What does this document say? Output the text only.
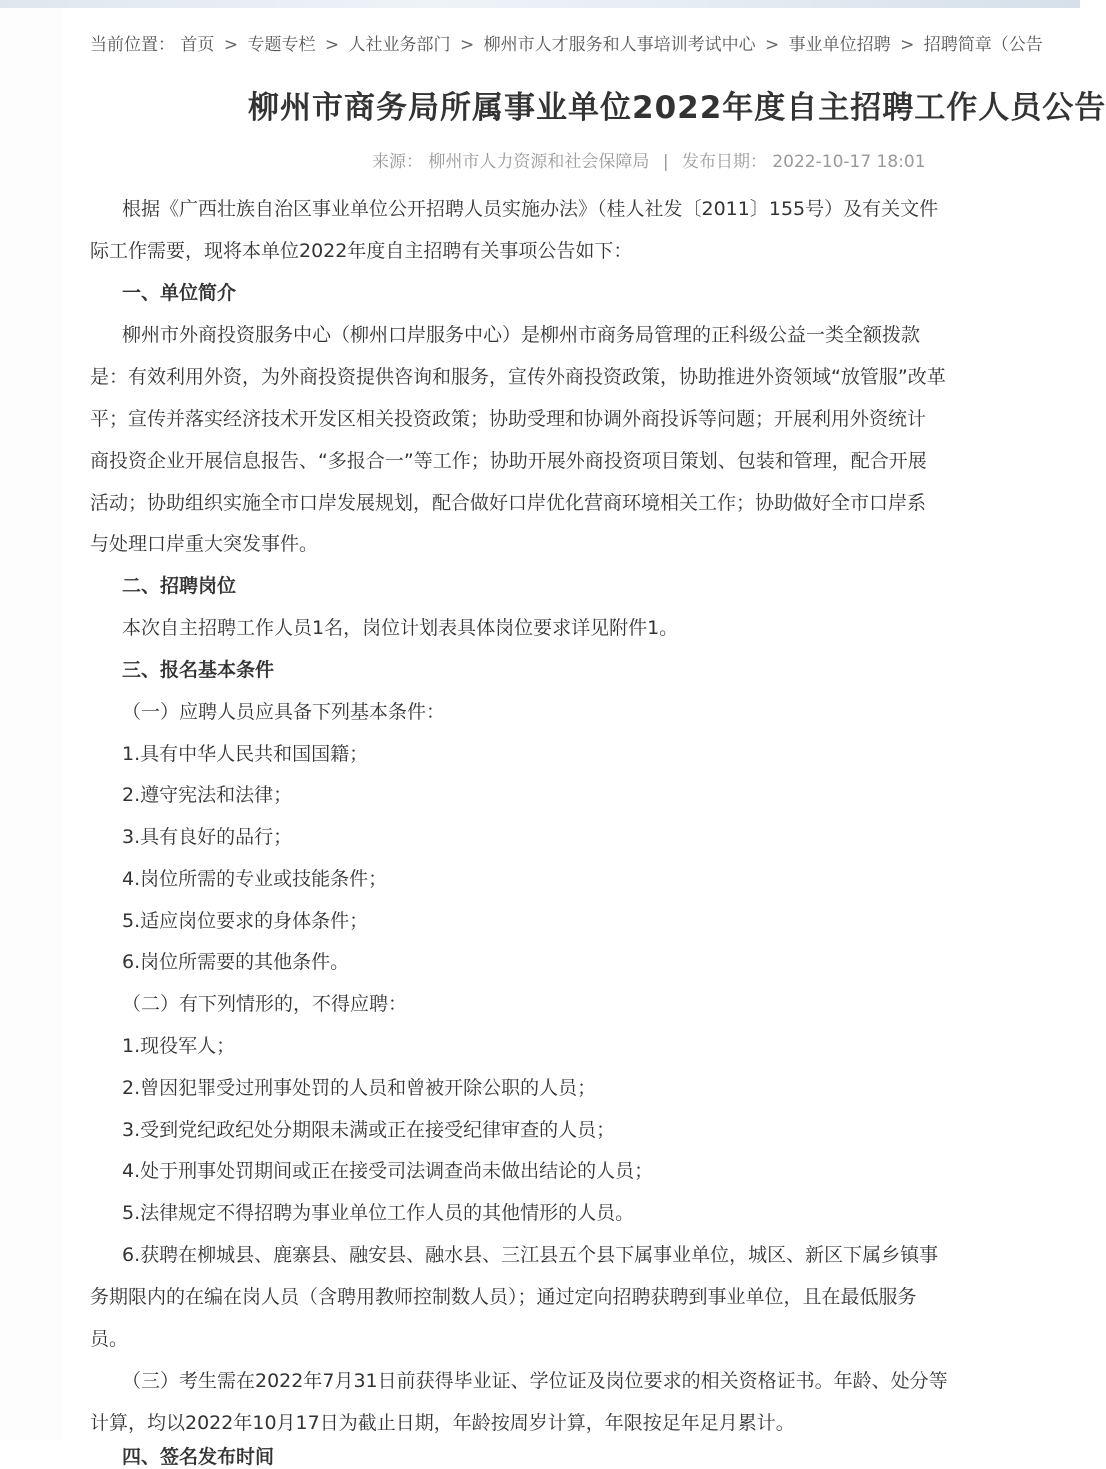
当前位置： 首页 > 专题专栏 > 人社业务部门 > 柳州市人才服务和人事培训考试中心 > 事业单位招聘 > 招聘简章（公告
柳州市商务局所属事业单位2022年度自主招聘工作人员公告
来源： 柳州市人力资源和社会保障局 | 发布日期： 2022-10-17 18:01
根据《广西壮族自治区事业单位公开招聘人员实施办法》（桂人社发〔2011〕155号）及有关文件
际工作需要，现将本单位2022年度自主招聘有关事项公告如下：
一、单位简介
柳州市外商投资服务中心（柳州口岸服务中心）是柳州市商务局管理的正科级公益一类全额拨款
是：有效利用外资，为外商投资提供咨询和服务，宣传外商投资政策，协助推进外资领域“放管服”改革
平；宣传并落实经济技术开发区相关投资政策；协助受理和协调外商投诉等问题；开展利用外资统计
商投资企业开展信息报告、“多报合一”等工作；协助开展外商投资项目策划、包装和管理，配合开展
活动；协助组织实施全市口岸发展规划，配合做好口岸优化营商环境相关工作；协助做好全市口岸系
与处理口岸重大突发事件。
二、招聘岗位
本次自主招聘工作人员1名，岗位计划表具体岗位要求详见附件1。
三、报名基本条件
（一）应聘人员应具备下列基本条件：
1.具有中华人民共和国国籍；
2.遵守宪法和法律；
3.具有良好的品行；
4.岗位所需的专业或技能条件；
5.适应岗位要求的身体条件；
6.岗位所需要的其他条件。
（二）有下列情形的，不得应聘：
1.现役军人；
2.曾因犯罪受过刑事处罚的人员和曾被开除公职的人员；
3.受到党纪政纪处分期限未满或正在接受纪律审查的人员；
4.处于刑事处罚期间或正在接受司法调查尚未做出结论的人员；
5.法律规定不得招聘为事业单位工作人员的其他情形的人员。
6.获聘在柳城县、鹿寨县、融安县、融水县、三江县五个县下属事业单位，城区、新区下属乡镇事
务期限内的在编在岗人员（含聘用教师控制数人员）；通过定向招聘获聘到事业单位，且在最低服务
员。
（三）考生需在2022年7月31日前获得毕业证、学位证及岗位要求的相关资格证书。年龄、处分等
计算，均以2022年10月17日为截止日期，年龄按周岁计算，年限按足年足月累计。
四、签名发布时间
